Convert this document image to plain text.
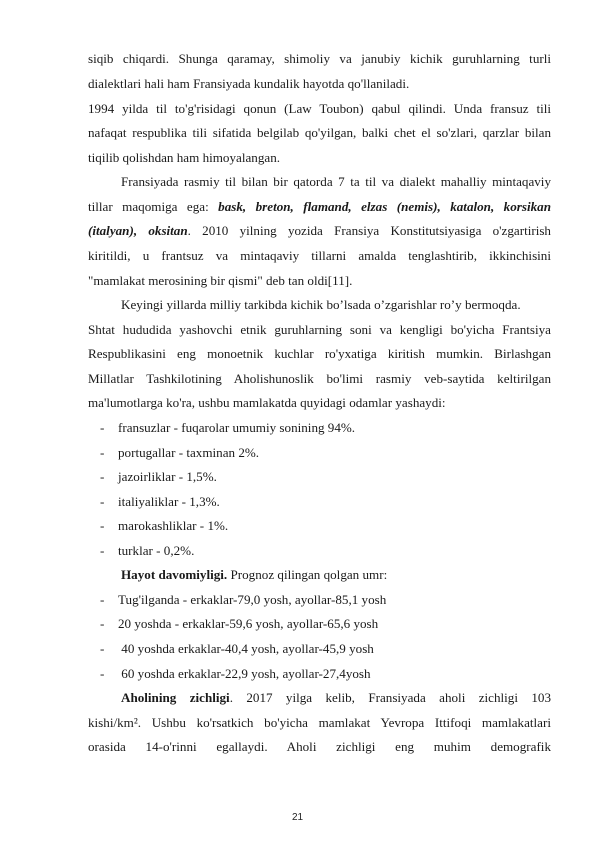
siqib chiqardi. Shunga qaramay, shimoliy va janubiy kichik guruhlarning turli
dialektlari hali ham Fransiyada kundalik hayotda qo'llaniladi.
1994 yilda til to'g'risidagi qonun (Law Toubon) qabul qilindi. Unda fransuz tili
nafaqat respublika tili sifatida belgilab qo'yilgan, balki chet el so'zlari, qarzlar bilan
tiqilib qolishdan ham himoyalangan.
Fransiyada rasmiy til bilan bir qatorda 7 ta til va dialekt mahalliy mintaqaviy
tillar maqomiga ega: bask, breton, flamand, elzas (nemis), katalon, korsikan
(italyan), oksitan. 2010 yilning yozida Fransiya Konstitutsiyasiga o'zgartirish
kiritildi, u frantsuz va mintaqaviy tillarni amalda tenglashtirib, ikkinchisini
"mamlakat merosining bir qismi" deb tan oldi[11].
Keyingi yillarda milliy tarkibda kichik bo’lsada o’zgarishlar ro’y bermoqda.
Shtat hududida yashovchi etnik guruhlarning soni va kengligi bo'yicha Frantsiya
Respublikasini eng monoetnik kuchlar ro'yxatiga kiritish mumkin. Birlashgan
Millatlar Tashkilotining Aholishunoslik bo'limi rasmiy veb-saytida keltirilgan
ma'lumotlarga ko'ra, ushbu mamlakatda quyidagi odamlar yashaydi:
- fransuzlar - fuqarolar umumiy sonining 94%.
- portugallar - taxminan 2%.
- jazoirliklar - 1,5%.
- italiyaliklar - 1,3%.
- marokashliklar - 1%.
- turklar - 0,2%.
Hayot davomiyligi. Prognoz qilingan qolgan umr:
- Tug'ilganda - erkaklar-79,0 yosh, ayollar-85,1 yosh
- 20 yoshda - erkaklar-59,6 yosh, ayollar-65,6 yosh
- 40 yoshda erkaklar-40,4 yosh, ayollar-45,9 yosh
- 60 yoshda erkaklar-22,9 yosh, ayollar-27,4yosh
Aholining zichligi. 2017 yilga kelib, Fransiyada aholi zichligi 103
kishi/km². Ushbu ko'rsatkich bo'yicha mamlakat Yevropa Ittifoqi mamlakatlari
orasida 14-o'rinni egallaydi. Aholi zichligi eng muhim demografik
21
